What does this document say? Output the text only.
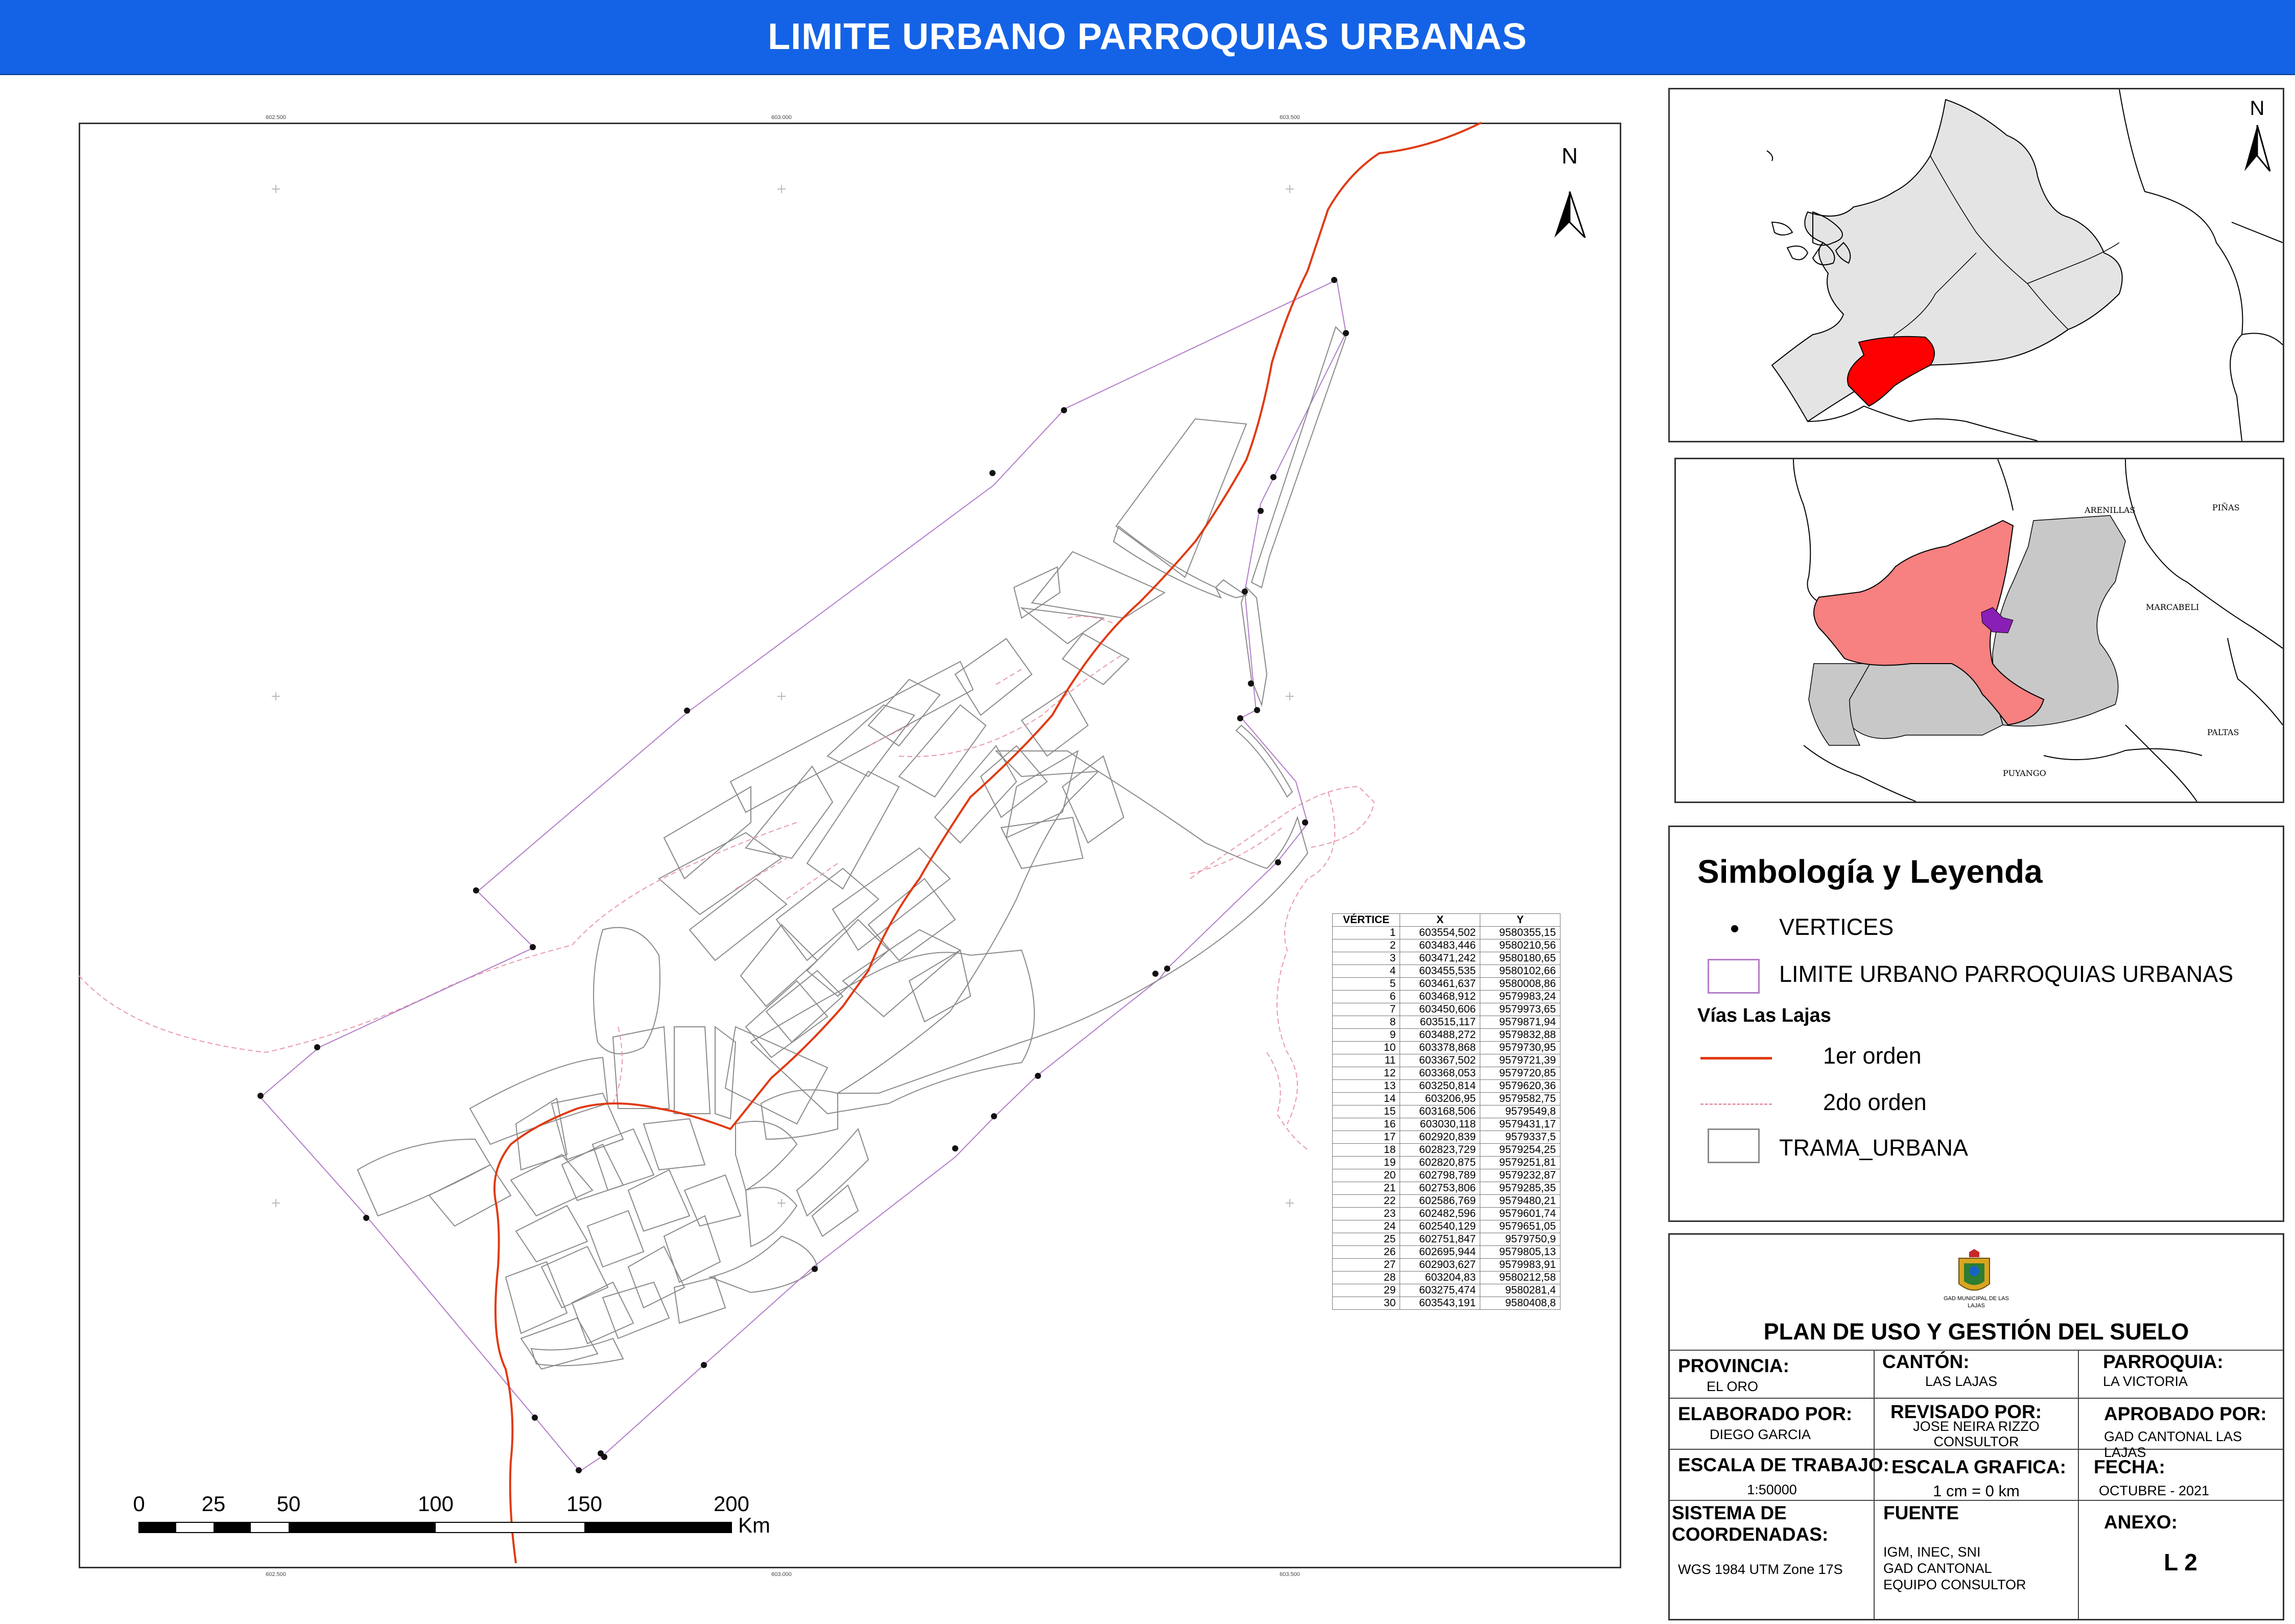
LIMITE URBANO PARROQUIAS URBANAS
602.500	603.000	603.500
602.500	603.000	603.500
N
0	25 50	100	150	200
Km
VÉRTICE	X	Y
1	603554,502	9580355,15
2	603483,446	9580210,56
3	603471,242	9580180,65
4	603455,535	9580102,66
5	603461,637	9580008,86
6	603468,912	9579983,24
7	603450,606	9579973,65
8	603515,117	9579871,94
9	603488,272	9579832,88
10	603378,868	9579730,95
11	603367,502	9579721,39
12	603368,053	9579720,85
13	603250,814	9579620,36
14	603206,95	9579582,75
15	603168,506	9579549,8
16	603030,118	9579431,17
17	602920,839	9579337,5
18	602823,729	9579254,25
19	602820,875	9579251,81
20	602798,789	9579232,87
21	602753,806	9579285,35
22	602586,769	9579480,21
23	602482,596	9579601,74
24	602540,129	9579651,05
25	602751,847	9579750,9
26	602695,944	9579805,13
27	602903,627	9579983,91
28	603204,83	9580212,58
29	603275,474	9580281,4
30	603543,191	9580408,8
N
ARENILLAS	PIÑAS
MARCABELI
PALTAS
PUYANGO
Simbología y Leyenda
VERTICES
LIMITE URBANO PARROQUIAS URBANAS
Vías Las Lajas
1er orden
2do orden
TRAMA_URBANA
GAD MUNICIPAL DE LAS LAJAS
PLAN DE USO Y GESTIÓN DEL SUELO
PROVINCIA:
EL ORO
CANTÓN:
LAS LAJAS
PARROQUIA:
LA VICTORIA
ELABORADO POR:
DIEGO GARCIA
REVISADO POR:
JOSE NEIRA RIZZO
CONSULTOR
APROBADO POR:
GAD CANTONAL LAS LAJAS
ESCALA DE TRABAJO:
1:50000
ESCALA GRAFICA:
1 cm = 0 km
FECHA:
OCTUBRE - 2021
SISTEMA DE
COORDENADAS:
WGS 1984 UTM Zone 17S
FUENTE
IGM, INEC, SNI
GAD CANTONAL
EQUIPO CONSULTOR
ANEXO:
L 2
